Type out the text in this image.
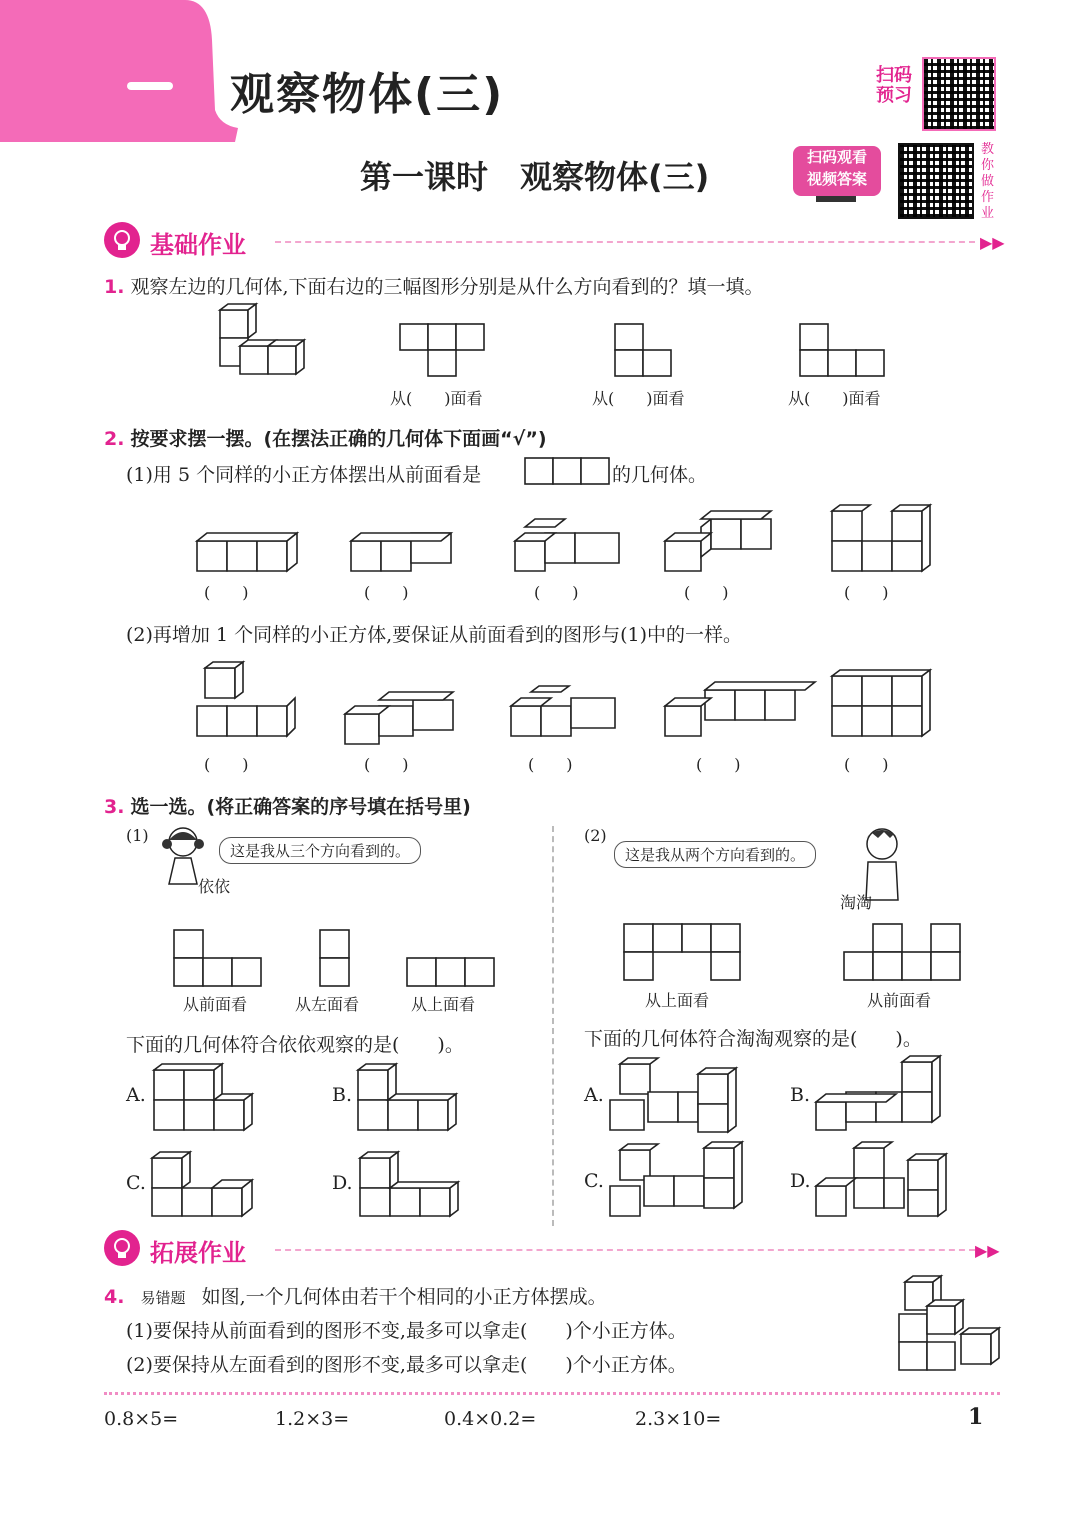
观察物体(三)	扫码预习
第一课时　观察物体(三)
扫码观看
视频答案
教你做作业
基础作业	▶▶
1. 观察左边的几何体,下面右边的三幅图形分别是从什么方向看到的？填一填。
从(　　)面看	从(　　)面看	从(　　)面看
2. 按要求摆一摆。(在摆法正确的几何体下面画“√”)
(1)用 5 个同样的小正方体摆出从前面看是	的几何体。
(　　)	(　　)	(　　)	(　　)	(　　)
(2)再增加 1 个同样的小正方体,要保证从前面看到的图形与(1)中的一样。
(　　)	(　　)	(　　)	(　　)	(　　)
3. 选一选。(将正确答案的序号填在括号里)
(1)
这是我从三个方向看到的。
依依
从前面看	从左面看	从上面看
下面的几何体符合依依观察的是(　　)。
A.	B.
C.	D.
(2)
这是我从两个方向看到的。
淘淘
从上面看	从前面看
下面的几何体符合淘淘观察的是(　　)。
A.	B.
C.	D.
拓展作业	▶▶
4. 易错题 如图,一个几何体由若干个相同的小正方体摆成。
(1)要保持从前面看到的图形不变,最多可以拿走(　　)个小正方体。
(2)要保持从左面看到的图形不变,最多可以拿走(　　)个小正方体。
0.8×5=	1.2×3=	0.4×0.2=	2.3×10=	1
